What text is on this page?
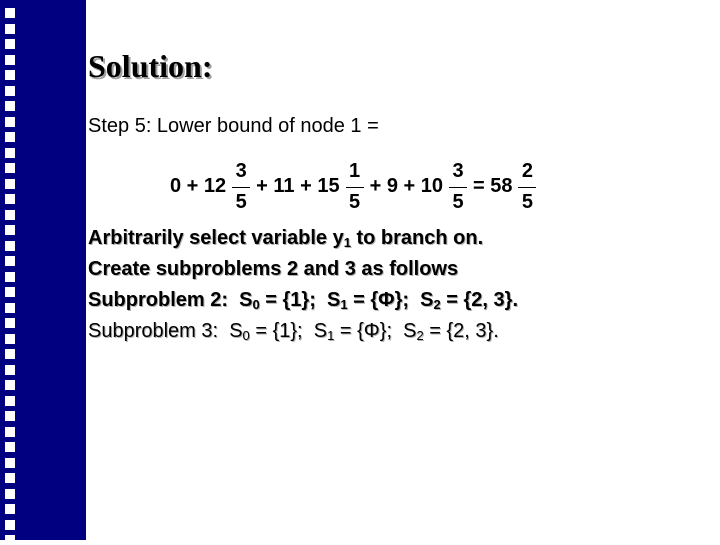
Solution:
Step 5: Lower bound of node 1 =
$0 + 12 \frac{3}{5} + 11 + 15 \frac{1}{5} + 9 + 10 \frac{3}{5} = 58 \frac{2}{5}$
Arbitrarily select variable $y_1$ to branch on.
Create subproblems 2 and 3 as follows
Subproblem 2: $S_0 = \{1\}$;  $S_1 = \{\Phi\}$;  $S_2 = \{2$, 3}.
Subproblem 3: $S_0 = \{1\}$;  $S_1 = \{\Phi\}$;  $S_2 = \{2$, 3}.
